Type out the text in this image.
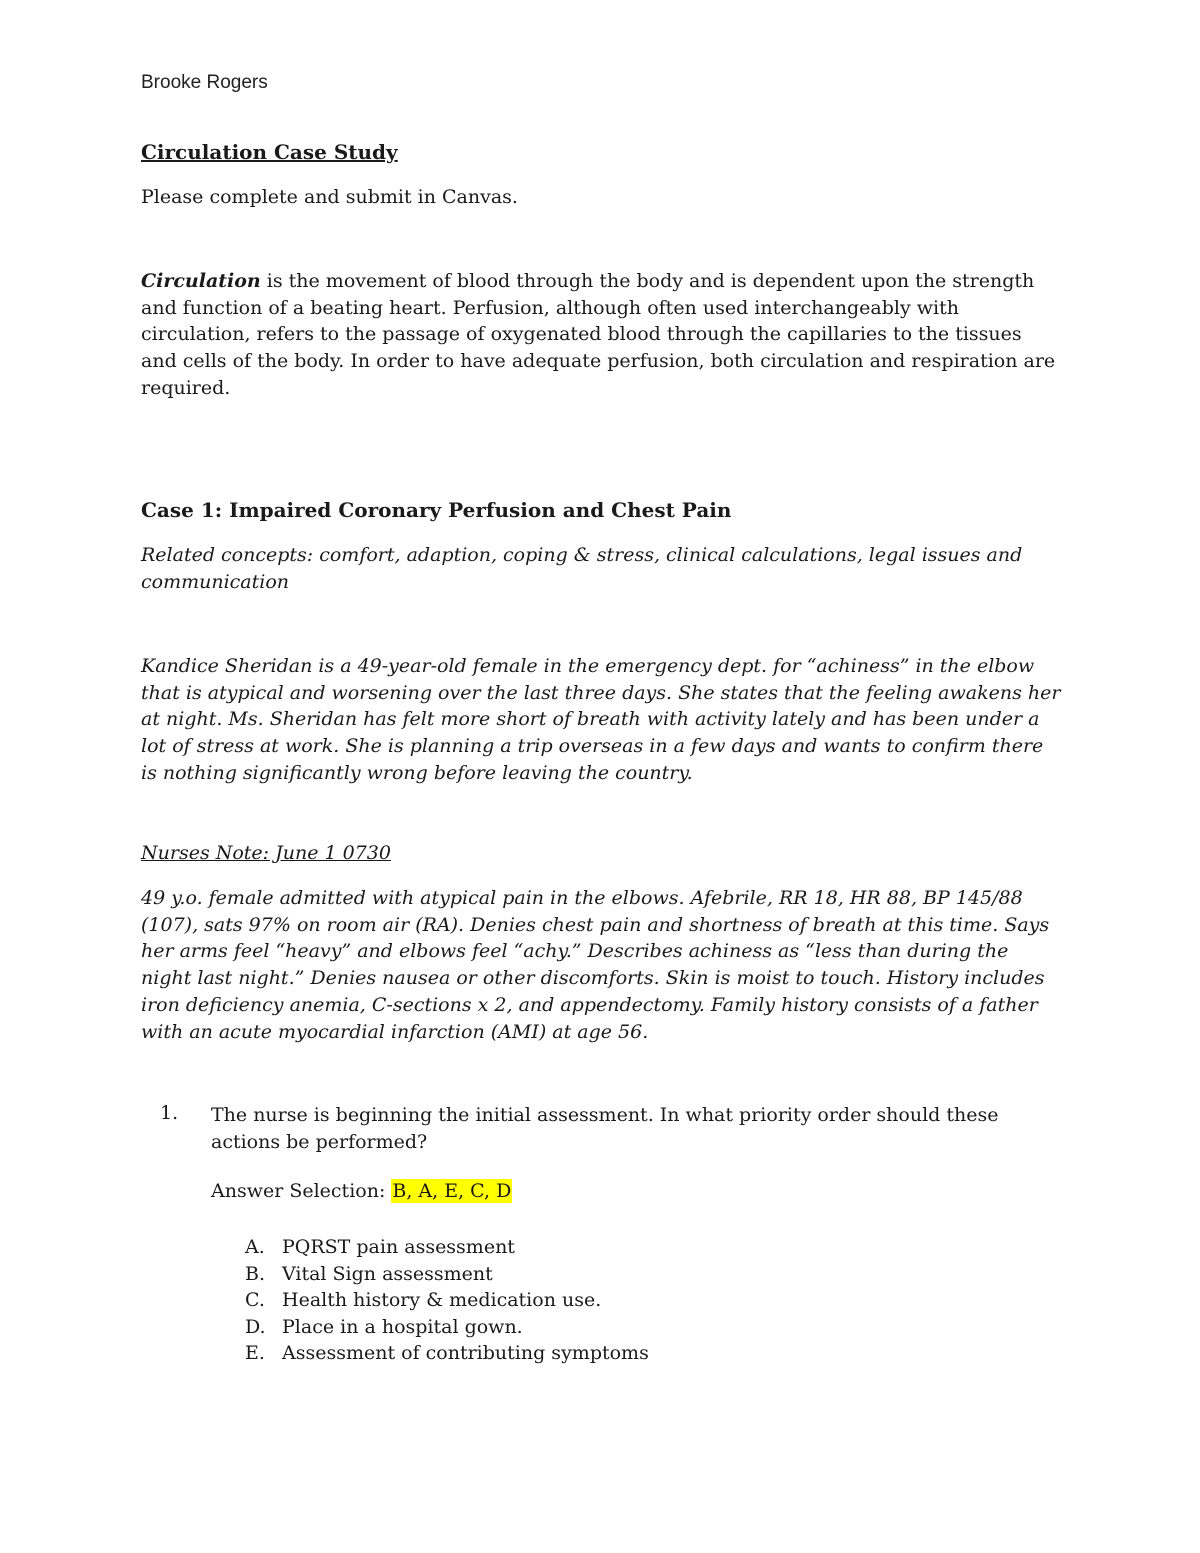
Brooke Rogers
Circulation Case Study
Please complete and submit in Canvas.
Circulation is the movement of blood through the body and is dependent upon the strength and function of a beating heart. Perfusion, although often used interchangeably with circulation, refers to the passage of oxygenated blood through the capillaries to the tissues and cells of the body. In order to have adequate perfusion, both circulation and respiration are required.
Case 1: Impaired Coronary Perfusion and Chest Pain
Related concepts: comfort, adaption, coping & stress, clinical calculations, legal issues and communication
Kandice Sheridan is a 49-year-old female in the emergency dept. for “achiness” in the elbow that is atypical and worsening over the last three days. She states that the feeling awakens her at night. Ms. Sheridan has felt more short of breath with activity lately and has been under a lot of stress at work. She is planning a trip overseas in a few days and wants to confirm there is nothing significantly wrong before leaving the country.
Nurses Note: June 1 0730
49 y.o. female admitted with atypical pain in the elbows. Afebrile, RR 18, HR 88, BP 145/88 (107), sats 97% on room air (RA). Denies chest pain and shortness of breath at this time. Says her arms feel “heavy” and elbows feel “achy.” Describes achiness as “less than during the night last night.” Denies nausea or other discomforts. Skin is moist to touch. History includes iron deficiency anemia, C-sections x 2, and appendectomy. Family history consists of a father with an acute myocardial infarction (AMI) at age 56.
1. The nurse is beginning the initial assessment. In what priority order should these actions be performed?
Answer Selection: B, A, E, C, D
A. PQRST pain assessment
B. Vital Sign assessment
C. Health history & medication use.
D. Place in a hospital gown.
E. Assessment of contributing symptoms
